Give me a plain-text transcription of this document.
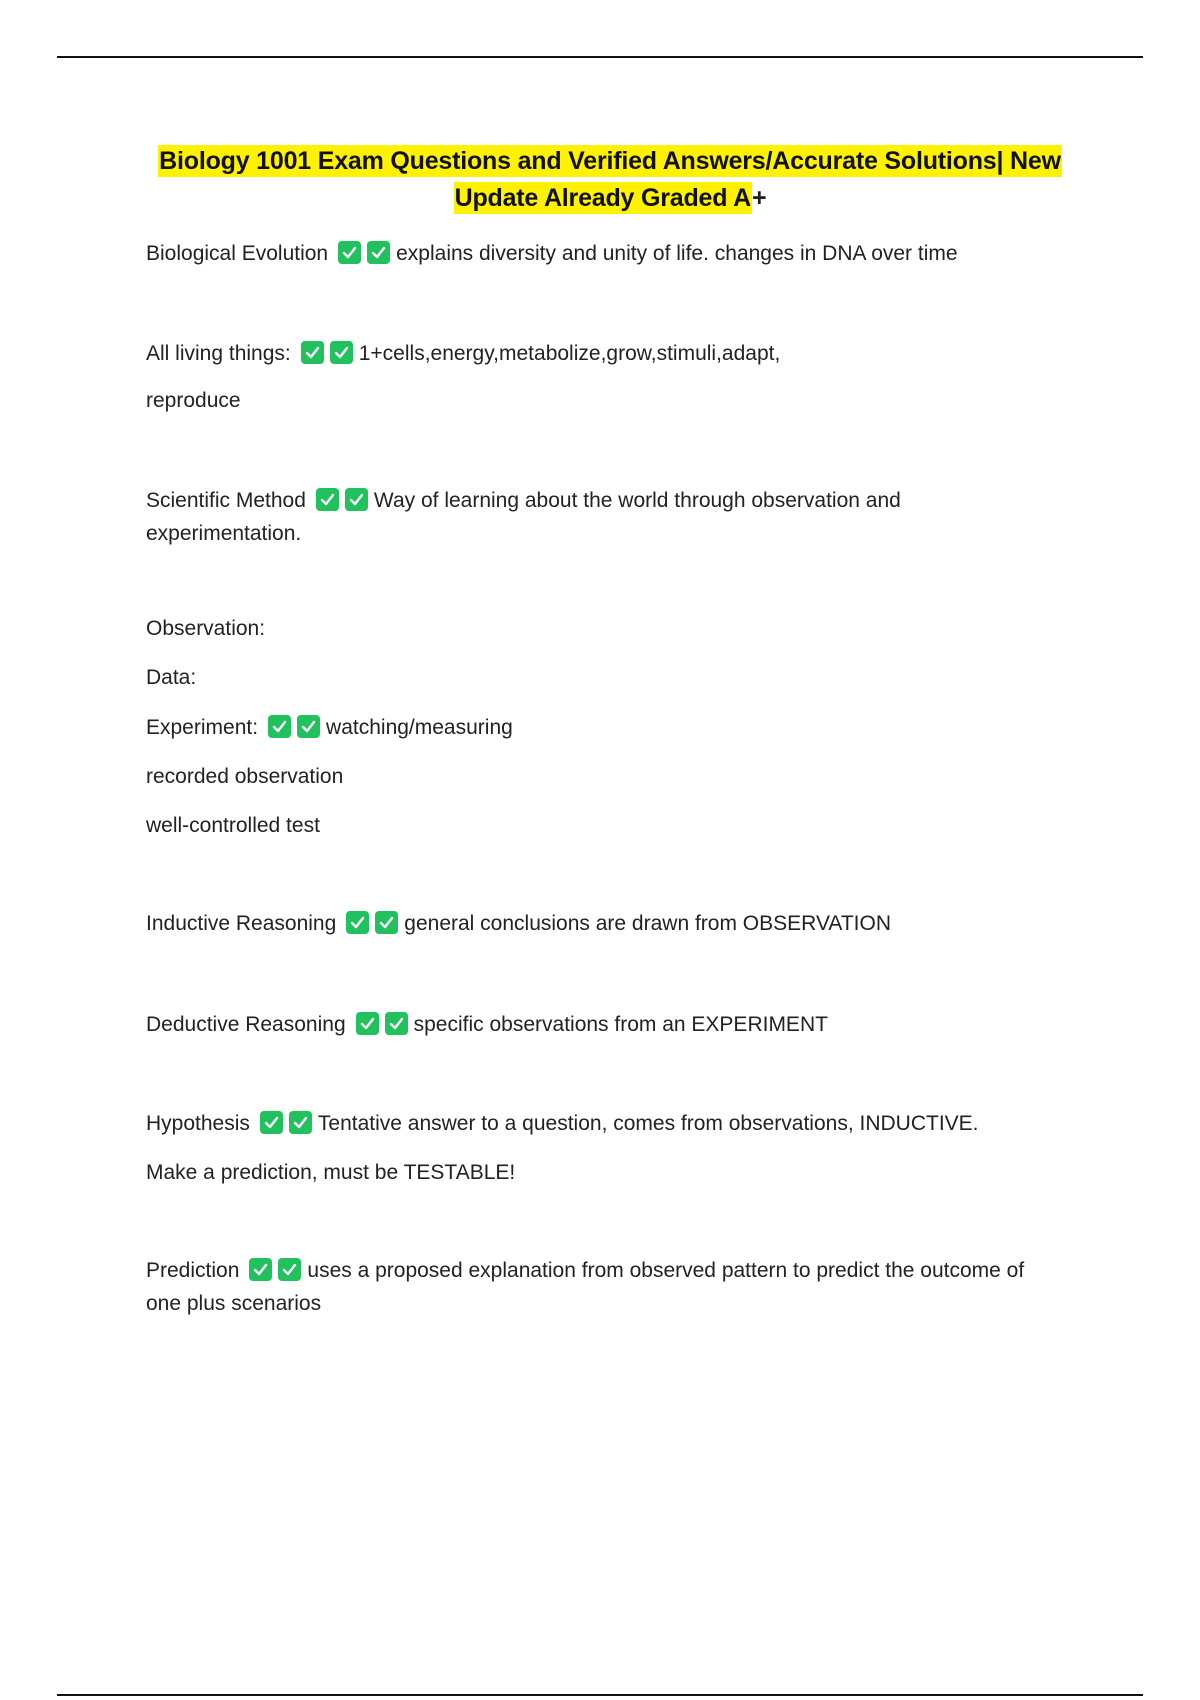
Biology 1001 Exam Questions and Verified Answers/Accurate Solutions| New
Update Already Graded A+

Biological Evolution	explains diversity and unity of life. changes in DNA over time

All living things:	1+cells,energy,metabolize,grow,stimuli,adapt,

reproduce

Scientific Method	Way of learning about the world through observation and

experimentation.

Observation:

Data:

Experiment:	watching/measuring

recorded observation

well-controlled test

Inductive Reasoning	general conclusions are drawn from OBSERVATION

Deductive Reasoning	specific observations from an EXPERIMENT

Hypothesis	Tentative answer to a question, comes from observations, INDUCTIVE.

Make a prediction, must be TESTABLE!

Prediction	uses a proposed explanation from observed pattern to predict the outcome of

one plus scenarios
